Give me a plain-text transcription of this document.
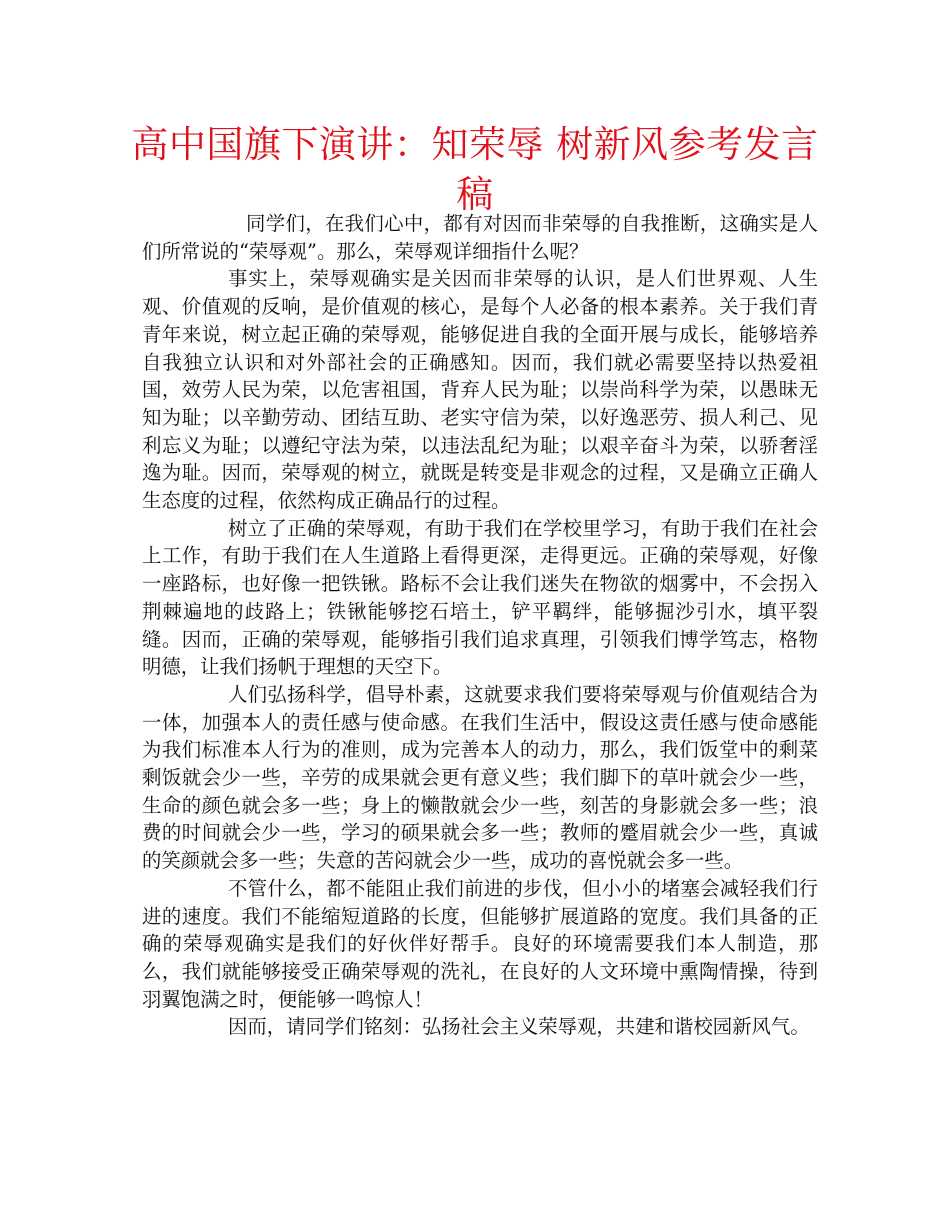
高中国旗下演讲：知荣辱 树新风参考发言稿

同学们，在我们心中，都有对因而非荣辱的自我推断，这确实是人们所常说的“荣辱观”。那么，荣辱观详细指什么呢？

事实上，荣辱观确实是关因而非荣辱的认识，是人们世界观、人生观、价值观的反响，是价值观的核心，是每个人必备的根本素养。关于我们青青年来说，树立起正确的荣辱观，能够促进自我的全面开展与成长，能够培养自我独立认识和对外部社会的正确感知。因而，我们就必需要坚持以热爱祖国，效劳人民为荣，以危害祖国，背弃人民为耻；以崇尚科学为荣，以愚昧无知为耻；以辛勤劳动、团结互助、老实守信为荣，以好逸恶劳、损人利己、见利忘义为耻；以遵纪守法为荣，以违法乱纪为耻；以艰辛奋斗为荣，以骄奢淫逸为耻。因而，荣辱观的树立，就既是转变是非观念的过程，又是确立正确人生态度的过程，依然构成正确品行的过程。

树立了正确的荣辱观，有助于我们在学校里学习，有助于我们在社会上工作，有助于我们在人生道路上看得更深，走得更远。正确的荣辱观，好像一座路标，也好像一把铁锹。路标不会让我们迷失在物欲的烟雾中，不会拐入荆棘遍地的歧路上；铁锹能够挖石培土，铲平羁绊，能够掘沙引水，填平裂缝。因而，正确的荣辱观，能够指引我们追求真理，引领我们博学笃志，格物明德，让我们扬帆于理想的天空下。

人们弘扬科学，倡导朴素，这就要求我们要将荣辱观与价值观结合为一体，加强本人的责任感与使命感。在我们生活中，假设这责任感与使命感能为我们标准本人行为的准则，成为完善本人的动力，那么，我们饭堂中的剩菜剩饭就会少一些，辛劳的成果就会更有意义些；我们脚下的草叶就会少一些，生命的颜色就会多一些；身上的懒散就会少一些，刻苦的身影就会多一些；浪费的时间就会少一些，学习的硕果就会多一些；教师的蹙眉就会少一些，真诚的笑颜就会多一些；失意的苦闷就会少一些，成功的喜悦就会多一些。

不管什么，都不能阻止我们前进的步伐，但小小的堵塞会减轻我们行进的速度。我们不能缩短道路的长度，但能够扩展道路的宽度。我们具备的正确的荣辱观确实是我们的好伙伴好帮手。良好的环境需要我们本人制造，那么，我们就能够接受正确荣辱观的洗礼，在良好的人文环境中熏陶情操，待到羽翼饱满之时，便能够一鸣惊人！

因而，请同学们铭刻：弘扬社会主义荣辱观，共建和谐校园新风气。
